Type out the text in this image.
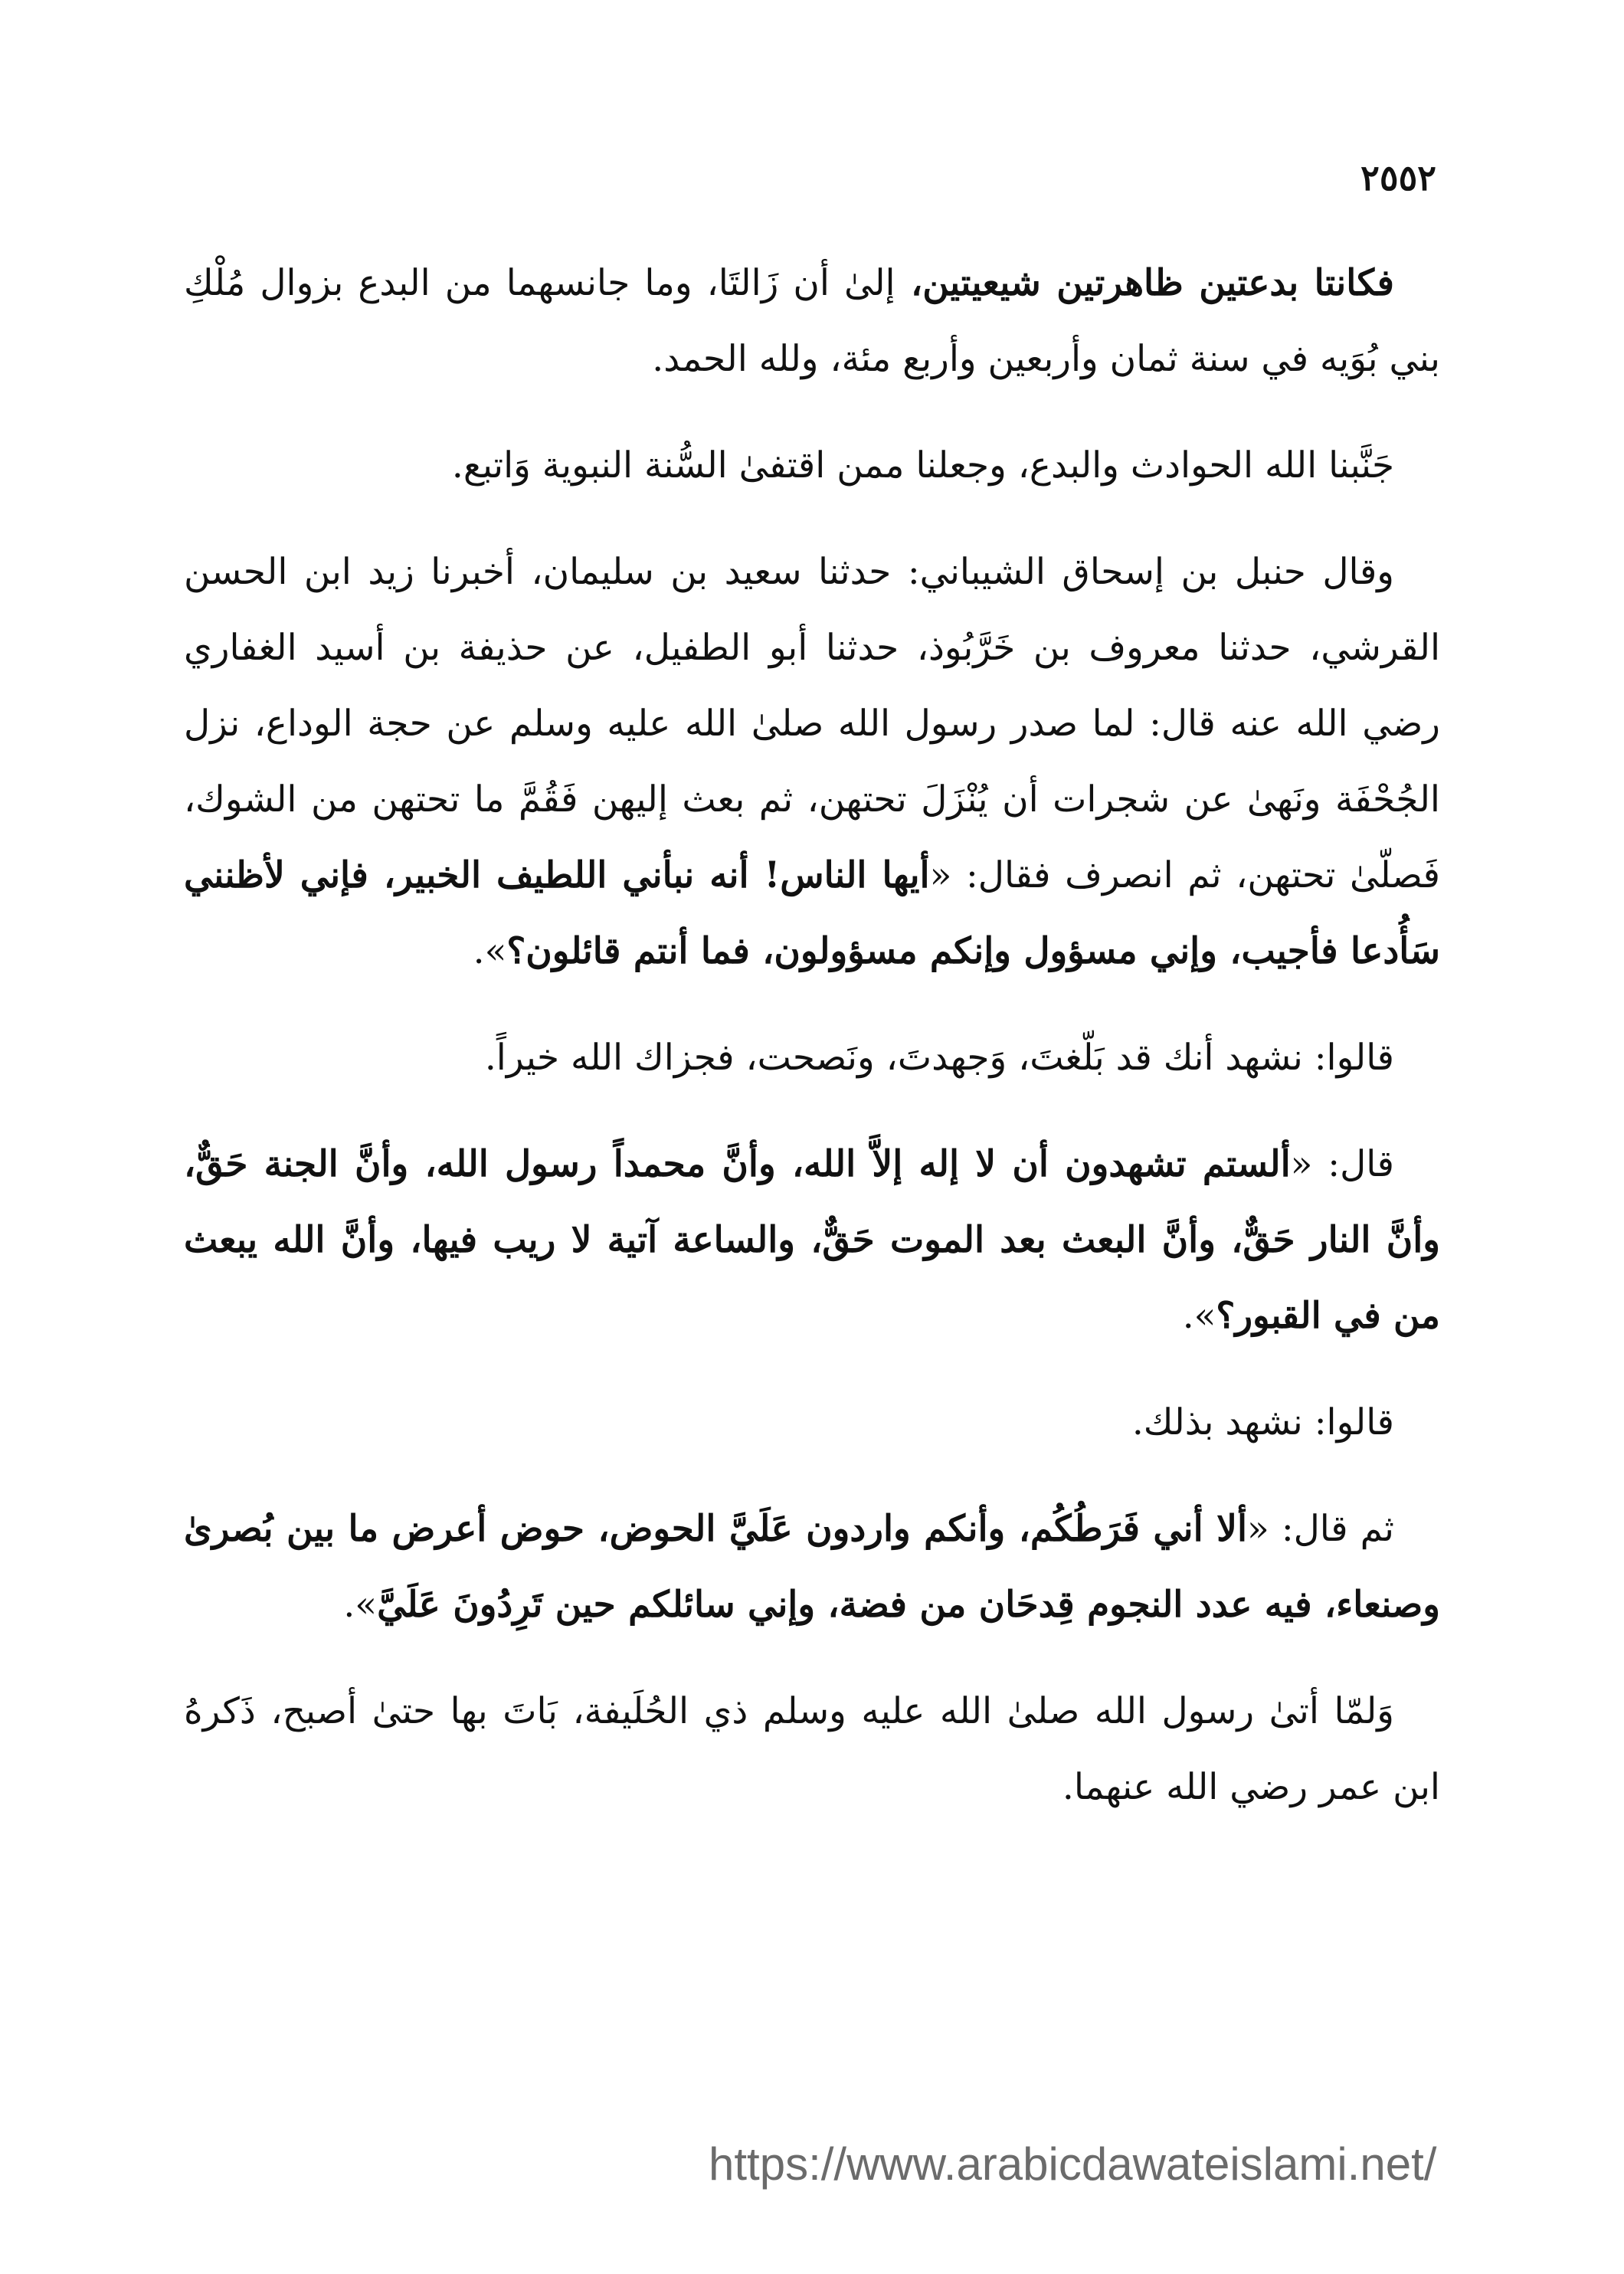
٢٥٥٢

فكانتا بدعتين ظاهرتين شيعيتين، إلىٰ أن زَالتَا، وما جانسهما من البدع بزوال مُلْكِ بني بُوَيه في سنة ثمان وأربعين وأربع مئة، ولله الحمد.

جَنَّبنا الله الحوادث والبدع، وجعلنا ممن اقتفىٰ السُّنة النبوية وَاتبع.

وقال حنبل بن إسحاق الشيباني: حدثنا سعيد بن سليمان، أخبرنا زيد ابن الحسن القرشي، حدثنا معروف بن خَرَّبُوذ، حدثنا أبو الطفيل، عن حذيفة بن أسيد الغفاري رضي الله عنه قال: لما صدر رسول الله صلىٰ الله عليه وسلم عن حجة الوداع، نزل الجُحْفَة ونَهىٰ عن شجرات أن يُنْزَلَ تحتهن، ثم بعث إليهن فَقُمَّ ما تحتهن من الشوك، فَصلّىٰ تحتهن، ثم انصرف فقال: «أيها الناس! أنه نبأني اللطيف الخبير، فإني لأظنني سَأُدعا فأجيب، وإني مسؤول وإنكم مسؤولون، فما أنتم قائلون؟».

قالوا: نشهد أنك قد بَلّغتَ، وَجهدتَ، ونَصحت، فجزاك الله خيراً.

قال: «ألستم تشهدون أن لا إله إلاَّ الله، وأنَّ محمداً رسول الله، وأنَّ الجنة حَقٌّ، وأنَّ النار حَقٌّ، وأنَّ البعث بعد الموت حَقٌّ، والساعة آتية لا ريب فيها، وأنَّ الله يبعث من في القبور؟».

قالوا: نشهد بذلك.

ثم قال: «ألا أني فَرَطُكُم، وأنكم واردون عَلَيَّ الحوض، حوض أعرض ما بين بُصرىٰ وصنعاء، فيه عدد النجوم قِدحَان من فضة، وإني سائلكم حين تَرِدُونَ عَلَيَّ».

وَلمّا أتىٰ رسول الله صلىٰ الله عليه وسلم ذي الحُلَيفة، بَاتَ بها حتىٰ أصبح، ذَكرهُ ابن عمر رضي الله عنهما.

https://www.arabicdawateislami.net/
